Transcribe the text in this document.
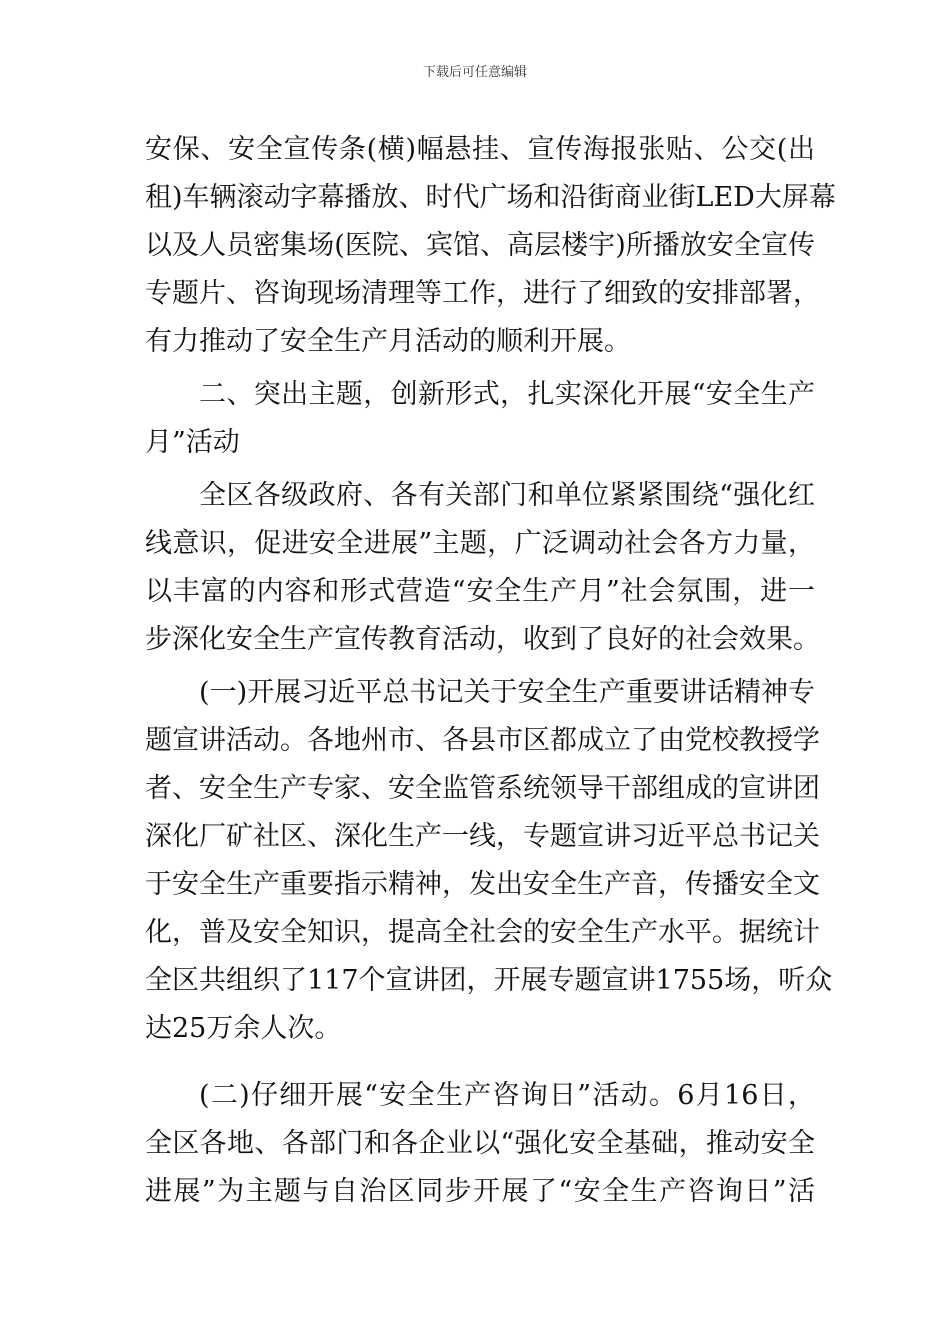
下载后可任意编辑
安保、安全宣传条(横)幅悬挂、宣传海报张贴、公交(出
租)车辆滚动字幕播放、时代广场和沿街商业街LED大屏幕
以及人员密集场(医院、宾馆、高层楼宇)所播放安全宣传
专题片、咨询现场清理等工作，进行了细致的安排部署，
有力推动了安全生产月活动的顺利开展。
二、突出主题，创新形式，扎实深化开展“安全生产
月”活动
全区各级政府、各有关部门和单位紧紧围绕“强化红
线意识，促进安全进展”主题，广泛调动社会各方力量，
以丰富的内容和形式营造“安全生产月”社会氛围，进一
步深化安全生产宣传教育活动，收到了良好的社会效果。
(一)开展习近平总书记关于安全生产重要讲话精神专
题宣讲活动。各地州市、各县市区都成立了由党校教授学
者、安全生产专家、安全监管系统领导干部组成的宣讲团
深化厂矿社区、深化生产一线，专题宣讲习近平总书记关
于安全生产重要指示精神，发出安全生产音，传播安全文
化，普及安全知识，提高全社会的安全生产水平。据统计
全区共组织了117个宣讲团，开展专题宣讲1755场，听众
达25万余人次。
(二)仔细开展“安全生产咨询日”活动。6月16日，
全区各地、各部门和各企业以“强化安全基础，推动安全
进展”为主题与自治区同步开展了“安全生产咨询日”活
